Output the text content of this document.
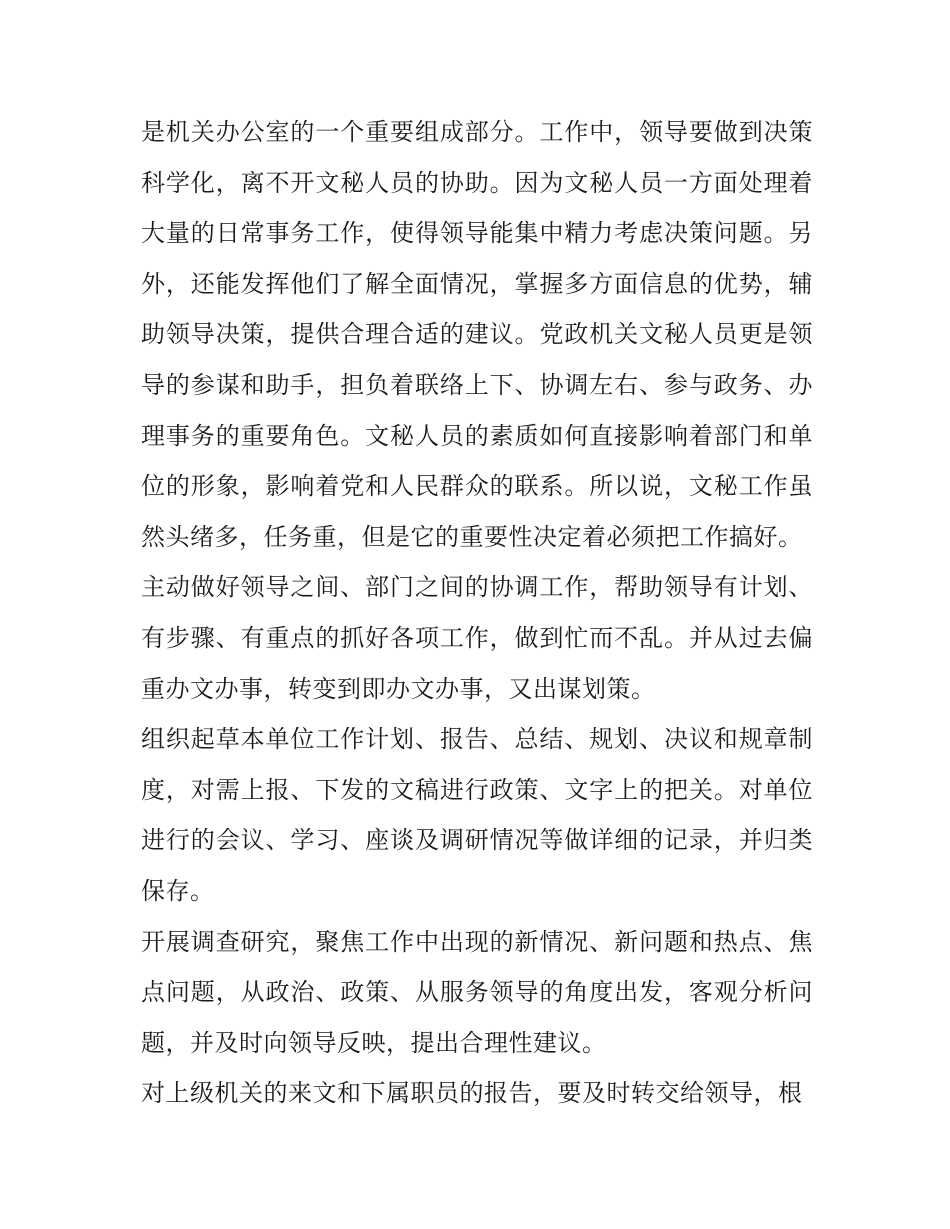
是机关办公室的一个重要组成部分。工作中，领导要做到决策科学化，离不开文秘人员的协助。因为文秘人员一方面处理着大量的日常事务工作，使得领导能集中精力考虑决策问题。另外，还能发挥他们了解全面情况，掌握多方面信息的优势，辅助领导决策，提供合理合适的建议。党政机关文秘人员更是领导的参谋和助手，担负着联络上下、协调左右、参与政务、办理事务的重要角色。文秘人员的素质如何直接影响着部门和单位的形象，影响着党和人民群众的联系。所以说，文秘工作虽然头绪多，任务重，但是它的重要性决定着必须把工作搞好。

主动做好领导之间、部门之间的协调工作，帮助领导有计划、有步骤、有重点的抓好各项工作，做到忙而不乱。并从过去偏重办文办事，转变到即办文办事，又出谋划策。

组织起草本单位工作计划、报告、总结、规划、决议和规章制度，对需上报、下发的文稿进行政策、文字上的把关。对单位进行的会议、学习、座谈及调研情况等做详细的记录，并归类保存。

开展调查研究，聚焦工作中出现的新情况、新问题和热点、焦点问题，从政治、政策、从服务领导的角度出发，客观分析问题，并及时向领导反映，提出合理性建议。

对上级机关的来文和下属职员的报告，要及时转交给领导，根
